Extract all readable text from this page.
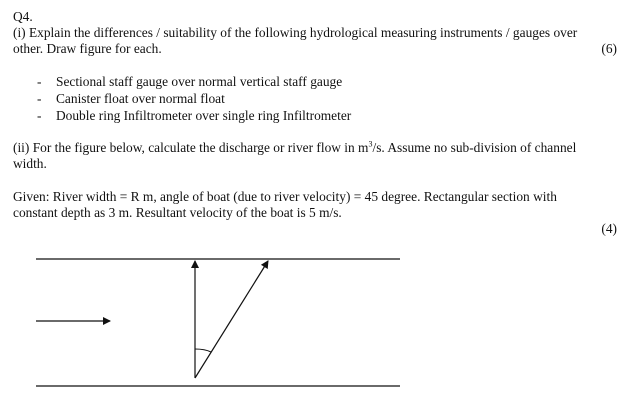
Q4.
(i) Explain the differences / suitability of the following hydrological measuring instruments / gauges over
other. Draw figure for each.	(6)
- Sectional staff gauge over normal vertical staff gauge
- Canister float over normal float
- Double ring Infiltrometer over single ring Infiltrometer
(ii) For the figure below, calculate the discharge or river flow in $m^3/s$. Assume no sub-division of channel
width.
Given: River width = R m, angle of boat (due to river velocity) = 45 degree. Rectangular section with
constant depth as 3 m. Resultant velocity of the boat is 5 m/s.
(4)
